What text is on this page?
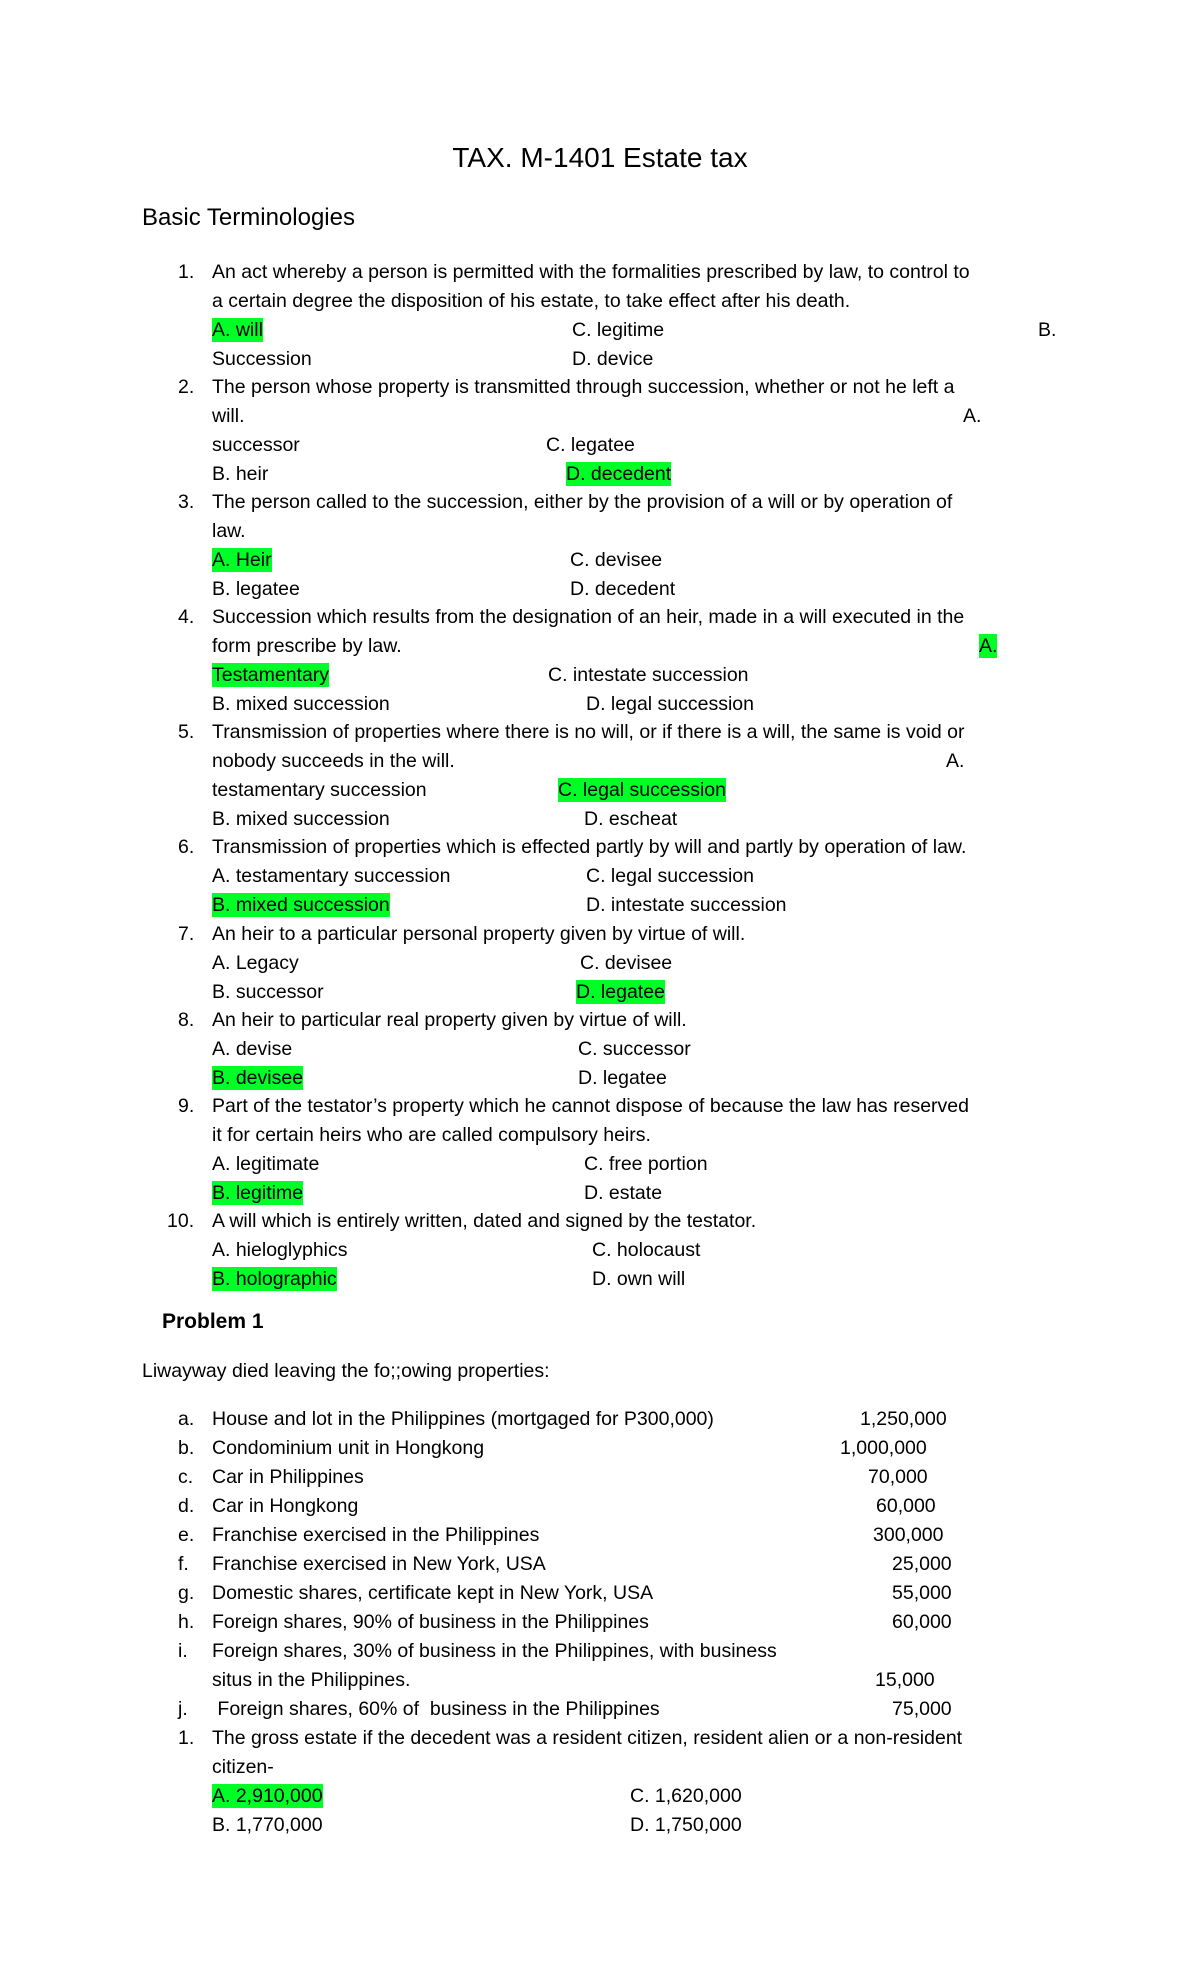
TAX. M-1401 Estate tax
Basic Terminologies
1. An act whereby a person is permitted with the formalities prescribed by law, to control to
a certain degree the disposition of his estate, to take effect after his death.
A. will	C. legitime	B.
Succession	D. device
2. The person whose property is transmitted through succession, whether or not he left a
will.	A.
successor	C. legatee
B. heir	D. decedent
3. The person called to the succession, either by the provision of a will or by operation of
law.
A. Heir	C. devisee
B. legatee	D. decedent
4. Succession which results from the designation of an heir, made in a will executed in the
form prescribe by law.	A.
Testamentary	C. intestate succession
B. mixed succession	D. legal succession
5. Transmission of properties where there is no will, or if there is a will, the same is void or
nobody succeeds in the will.	A.
testamentary succession	C. legal succession
B. mixed succession	D. escheat
6. Transmission of properties which is effected partly by will and partly by operation of law.
A. testamentary succession	C. legal succession
B. mixed succession	D. intestate succession
7. An heir to a particular personal property given by virtue of will.
A. Legacy	C. devisee
B. successor	D. legatee
8. An heir to particular real property given by virtue of will.
A. devise	C. successor
B. devisee	D. legatee
9. Part of the testator’s property which he cannot dispose of because the law has reserved
it for certain heirs who are called compulsory heirs.
A. legitimate	C. free portion
B. legitime	D. estate
10. A will which is entirely written, dated and signed by the testator.
A. hieloglyphics	C. holocaust
B. holographic	D. own will
Problem 1
Liwayway died leaving the fo;;owing properties:
a. House and lot in the Philippines (mortgaged for P300,000)	1,250,000
b. Condominium unit in Hongkong	1,000,000
c. Car in Philippines	70,000
d. Car in Hongkong	60,000
e. Franchise exercised in the Philippines	300,000
f. Franchise exercised in New York, USA	25,000
g. Domestic shares, certificate kept in New York, USA	55,000
h. Foreign shares, 90% of business in the Philippines	60,000
i. Foreign shares, 30% of business in the Philippines, with business
situs in the Philippines.	15,000
j. Foreign shares, 60% of  business in the Philippines	75,000
1. The gross estate if the decedent was a resident citizen, resident alien or a non-resident
citizen-
A. 2,910,000	C. 1,620,000
B. 1,770,000	D. 1,750,000
